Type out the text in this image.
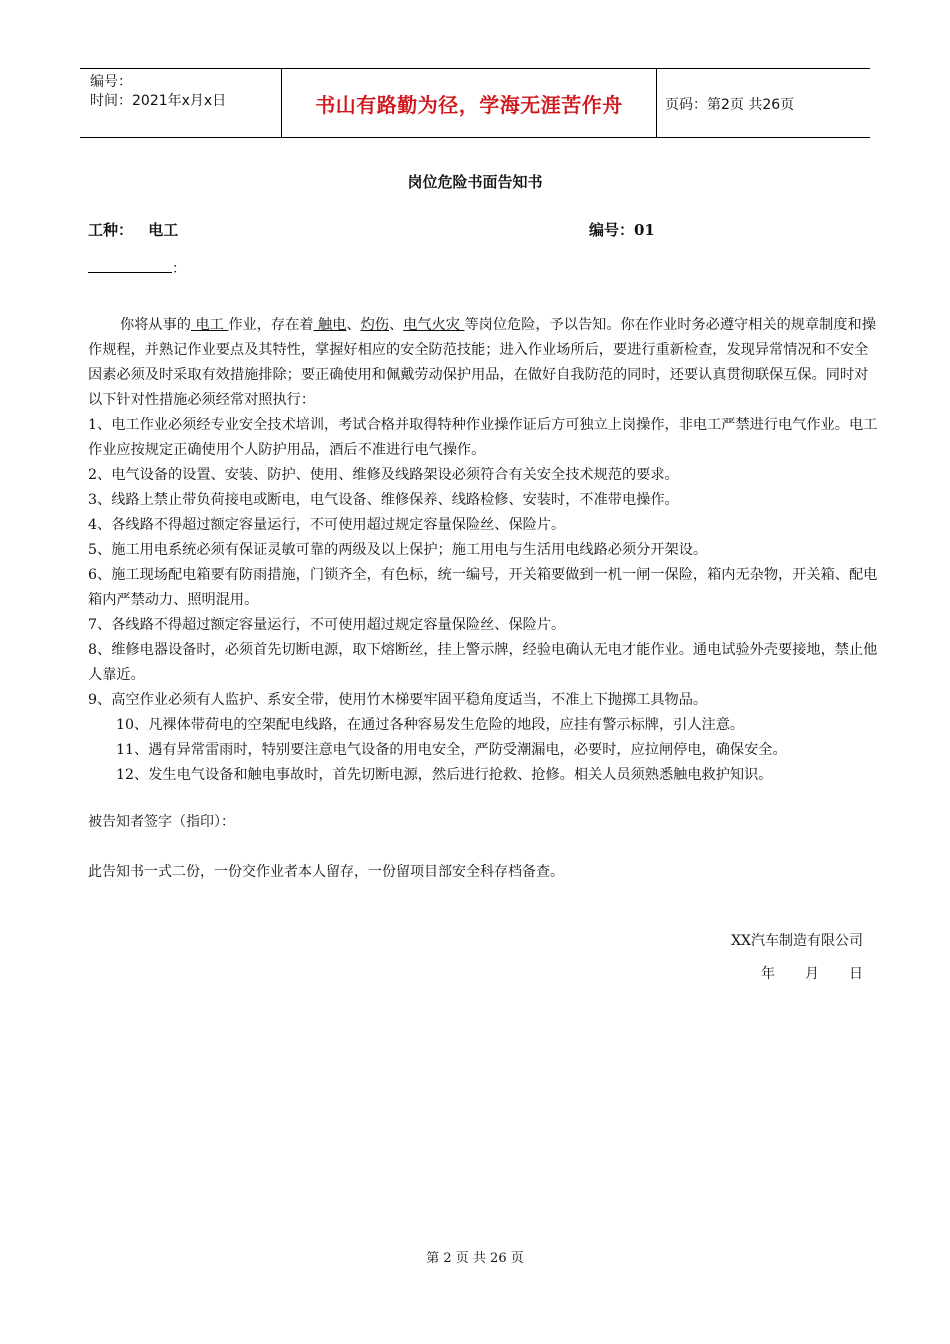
编号：
时间：2021年x月x日	书山有路勤为径，学海无涯苦作舟	页码：第2页 共26页
岗位危险书面告知书
工种： 电工	编号：01
：

你将从事的 电工 作业，存在着 触电、灼伤、电气火灾 等岗位危险，予以告知。你在作业时务必遵守相关的规章制度和操作规程，并熟记作业要点及其特性，掌握好相应的安全防范技能；进入作业场所后，要进行重新检查，发现异常情况和不安全因素必须及时采取有效措施排除；要正确使用和佩戴劳动保护用品，在做好自我防范的同时，还要认真贯彻联保互保。同时对以下针对性措施必须经常对照执行：

1、电工作业必须经专业安全技术培训，考试合格并取得特种作业操作证后方可独立上岗操作，非电工严禁进行电气作业。电工作业应按规定正确使用个人防护用品，酒后不准进行电气操作。

2、电气设备的设置、安装、防护、使用、维修及线路架设必须符合有关安全技术规范的要求。

3、线路上禁止带负荷接电或断电，电气设备、维修保养、线路检修、安装时，不准带电操作。

4、各线路不得超过额定容量运行，不可使用超过规定容量保险丝、保险片。

5、施工用电系统必须有保证灵敏可靠的两级及以上保护；施工用电与生活用电线路必须分开架设。

6、施工现场配电箱要有防雨措施，门锁齐全，有色标，统一编号，开关箱要做到一机一闸一保险，箱内无杂物，开关箱、配电箱内严禁动力、照明混用。

7、各线路不得超过额定容量运行，不可使用超过规定容量保险丝、保险片。

8、维修电器设备时，必须首先切断电源，取下熔断丝，挂上警示牌，经验电确认无电才能作业。通电试验外壳要接地，禁止他人靠近。

9、高空作业必须有人监护、系安全带，使用竹木梯要牢固平稳角度适当，不准上下抛掷工具物品。

10、凡裸体带荷电的空架配电线路，在通过各种容易发生危险的地段，应挂有警示标牌，引人注意。

11、遇有异常雷雨时，特别要注意电气设备的用电安全，严防受潮漏电，必要时，应拉闸停电，确保安全。

12、发生电气设备和触电事故时，首先切断电源，然后进行抢救、抢修。相关人员须熟悉触电救护知识。

被告知者签字（指印）：
此告知书一式二份，一份交作业者本人留存，一份留项目部安全科存档备查。
XX汽车制造有限公司
年 月 日
第 2 页 共 26 页
